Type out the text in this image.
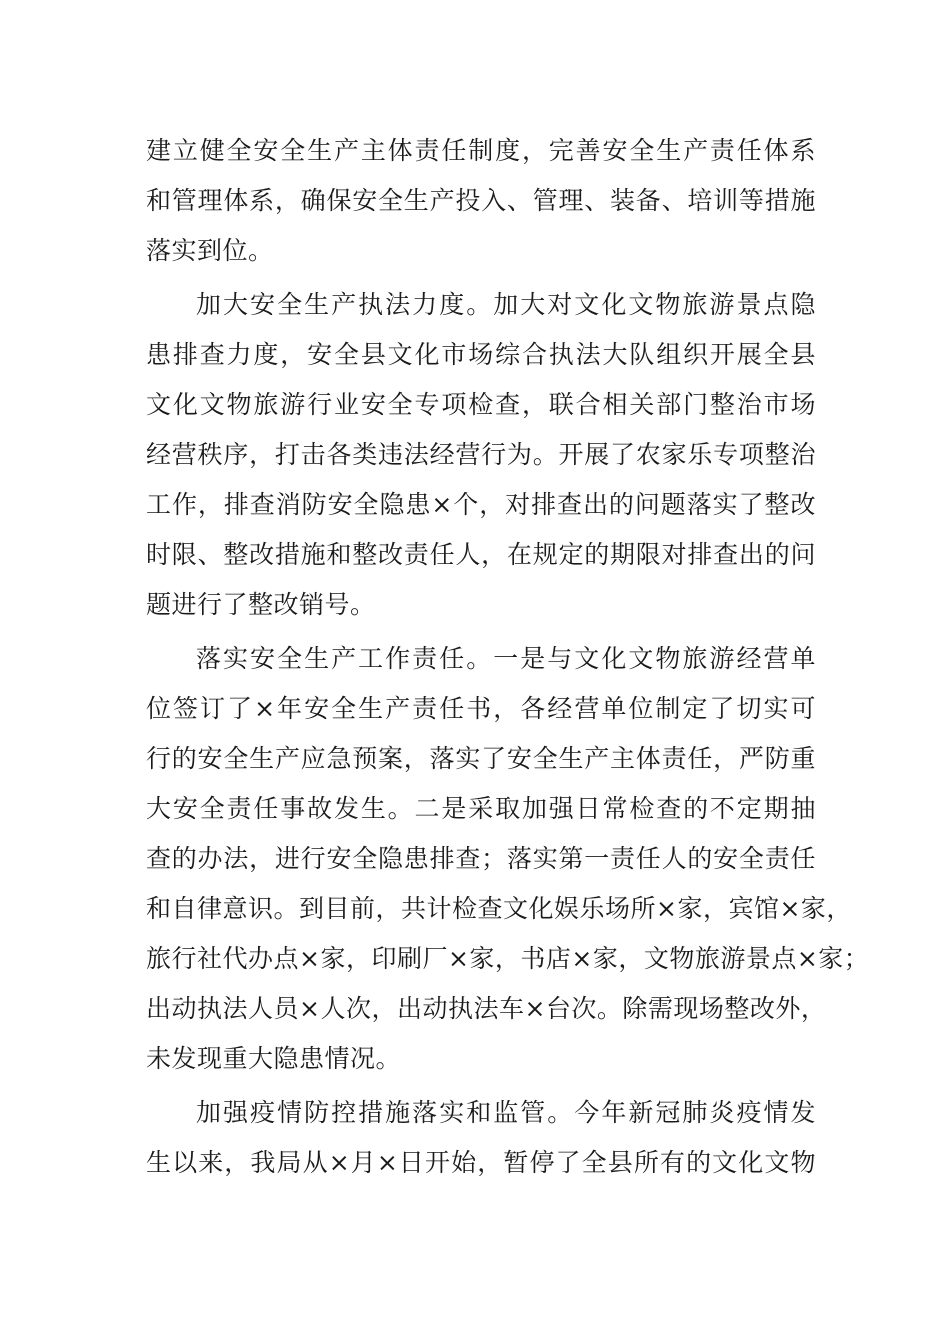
建立健全安全生产主体责任制度，完善安全生产责任体系
和管理体系，确保安全生产投入、管理、装备、培训等措施
落实到位。
加大安全生产执法力度。加大对文化文物旅游景点隐
患排查力度，安全县文化市场综合执法大队组织开展全县
文化文物旅游行业安全专项检查，联合相关部门整治市场
经营秩序，打击各类违法经营行为。开展了农家乐专项整治
工作，排查消防安全隐患×个，对排查出的问题落实了整改
时限、整改措施和整改责任人，在规定的期限对排查出的问
题进行了整改销号。
落实安全生产工作责任。一是与文化文物旅游经营单
位签订了×年安全生产责任书，各经营单位制定了切实可
行的安全生产应急预案，落实了安全生产主体责任，严防重
大安全责任事故发生。二是采取加强日常检查的不定期抽
查的办法，进行安全隐患排查；落实第一责任人的安全责任
和自律意识。到目前，共计检查文化娱乐场所×家，宾馆×家，
旅行社代办点×家，印刷厂×家，书店×家，文物旅游景点×家；
出动执法人员×人次，出动执法车×台次。除需现场整改外，
未发现重大隐患情况。
加强疫情防控措施落实和监管。今年新冠肺炎疫情发
生以来，我局从×月×日开始，暂停了全县所有的文化文物
